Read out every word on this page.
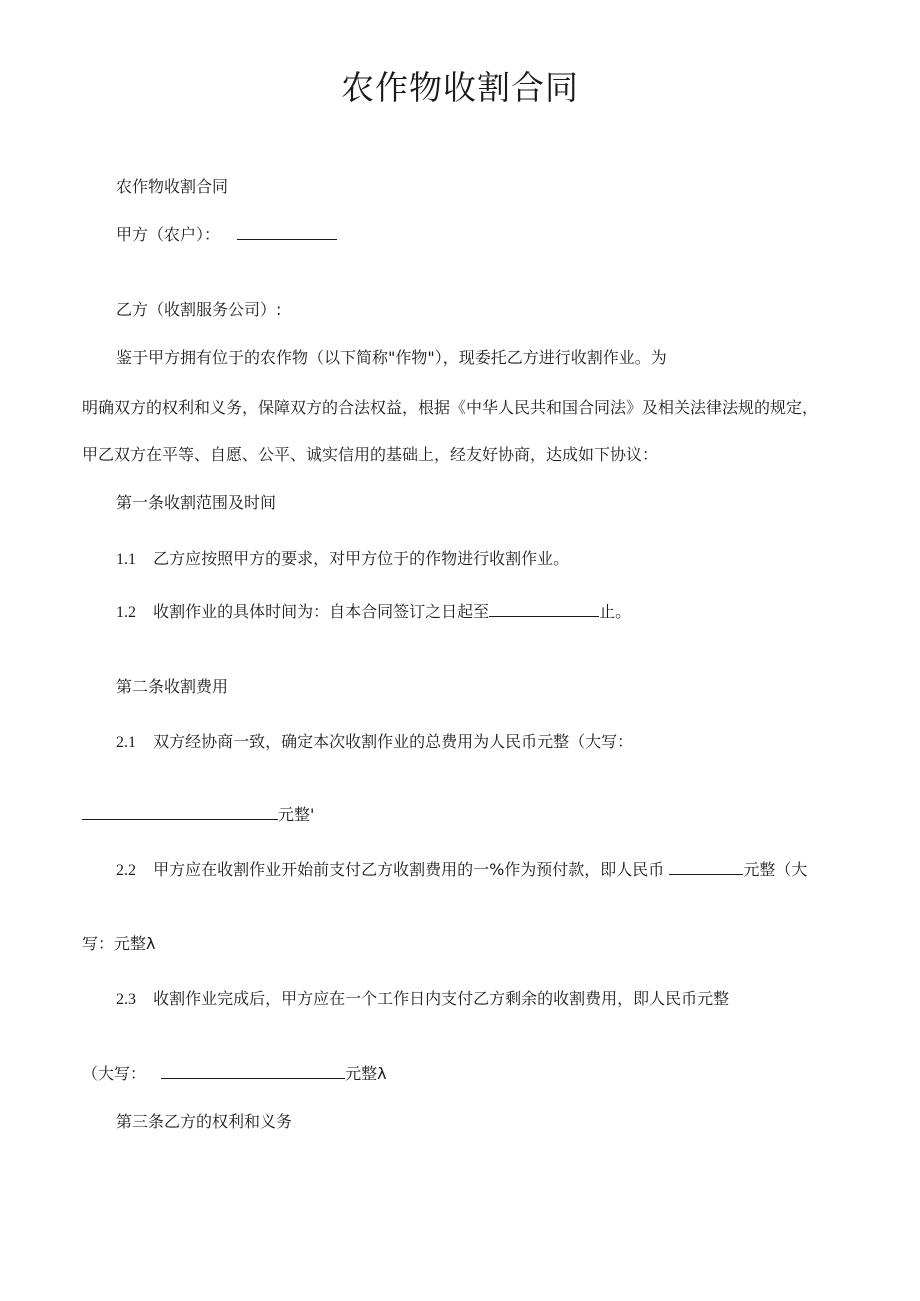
农作物收割合同
农作物收割合同
甲方（农户）：
乙方（收割服务公司）:
鉴于甲方拥有位于的农作物（以下简称"作物"），现委托乙方进行收割作业。为
明确双方的权利和义务，保障双方的合法权益，根据《中华人民共和国合同法》及相关法律法规的规定，
甲乙双方在平等、自愿、公平、诚实信用的基础上，经友好协商，达成如下协议：
第一条收割范围及时间
1.1 乙方应按照甲方的要求，对甲方位于的作物进行收割作业。
1.2 收割作业的具体时间为：自本合同签订之日起至	止。
第二条收割费用
2.1 双方经协商一致，确定本次收割作业的总费用为人民币元整（大写：
元整'
2.2 甲方应在收割作业开始前支付乙方收割费用的一%作为预付款，即人民币	元整（大
写：元整λ
2.3 收割作业完成后，甲方应在一个工作日内支付乙方剩余的收割费用，即人民币元整
（大写：	元整λ
第三条乙方的权利和义务
